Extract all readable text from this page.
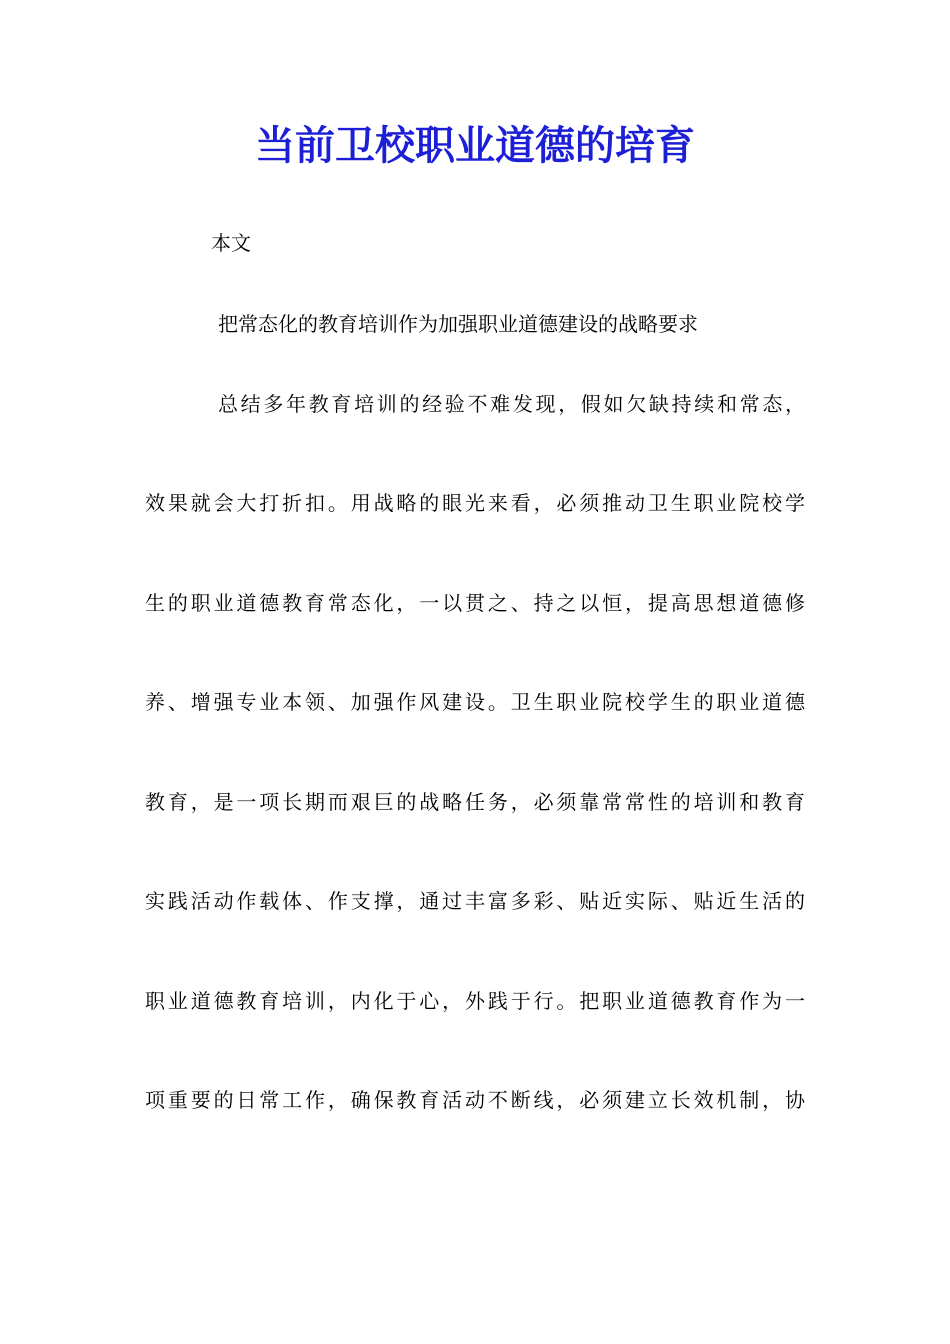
当前卫校职业道德的培育

本文

把常态化的教育培训作为加强职业道德建设的战略要求

总结多年教育培训的经验不难发现，假如欠缺持续和常态，

效果就会大打折扣。用战略的眼光来看，必须推动卫生职业院校学

生的职业道德教育常态化，一以贯之、持之以恒，提高思想道德修

养、增强专业本领、加强作风建设。卫生职业院校学生的职业道德

教育，是一项长期而艰巨的战略任务，必须靠常常性的培训和教育

实践活动作载体、作支撑，通过丰富多彩、贴近实际、贴近生活的

职业道德教育培训，内化于心，外践于行。把职业道德教育作为一

项重要的日常工作，确保教育活动不断线，必须建立长效机制，协
